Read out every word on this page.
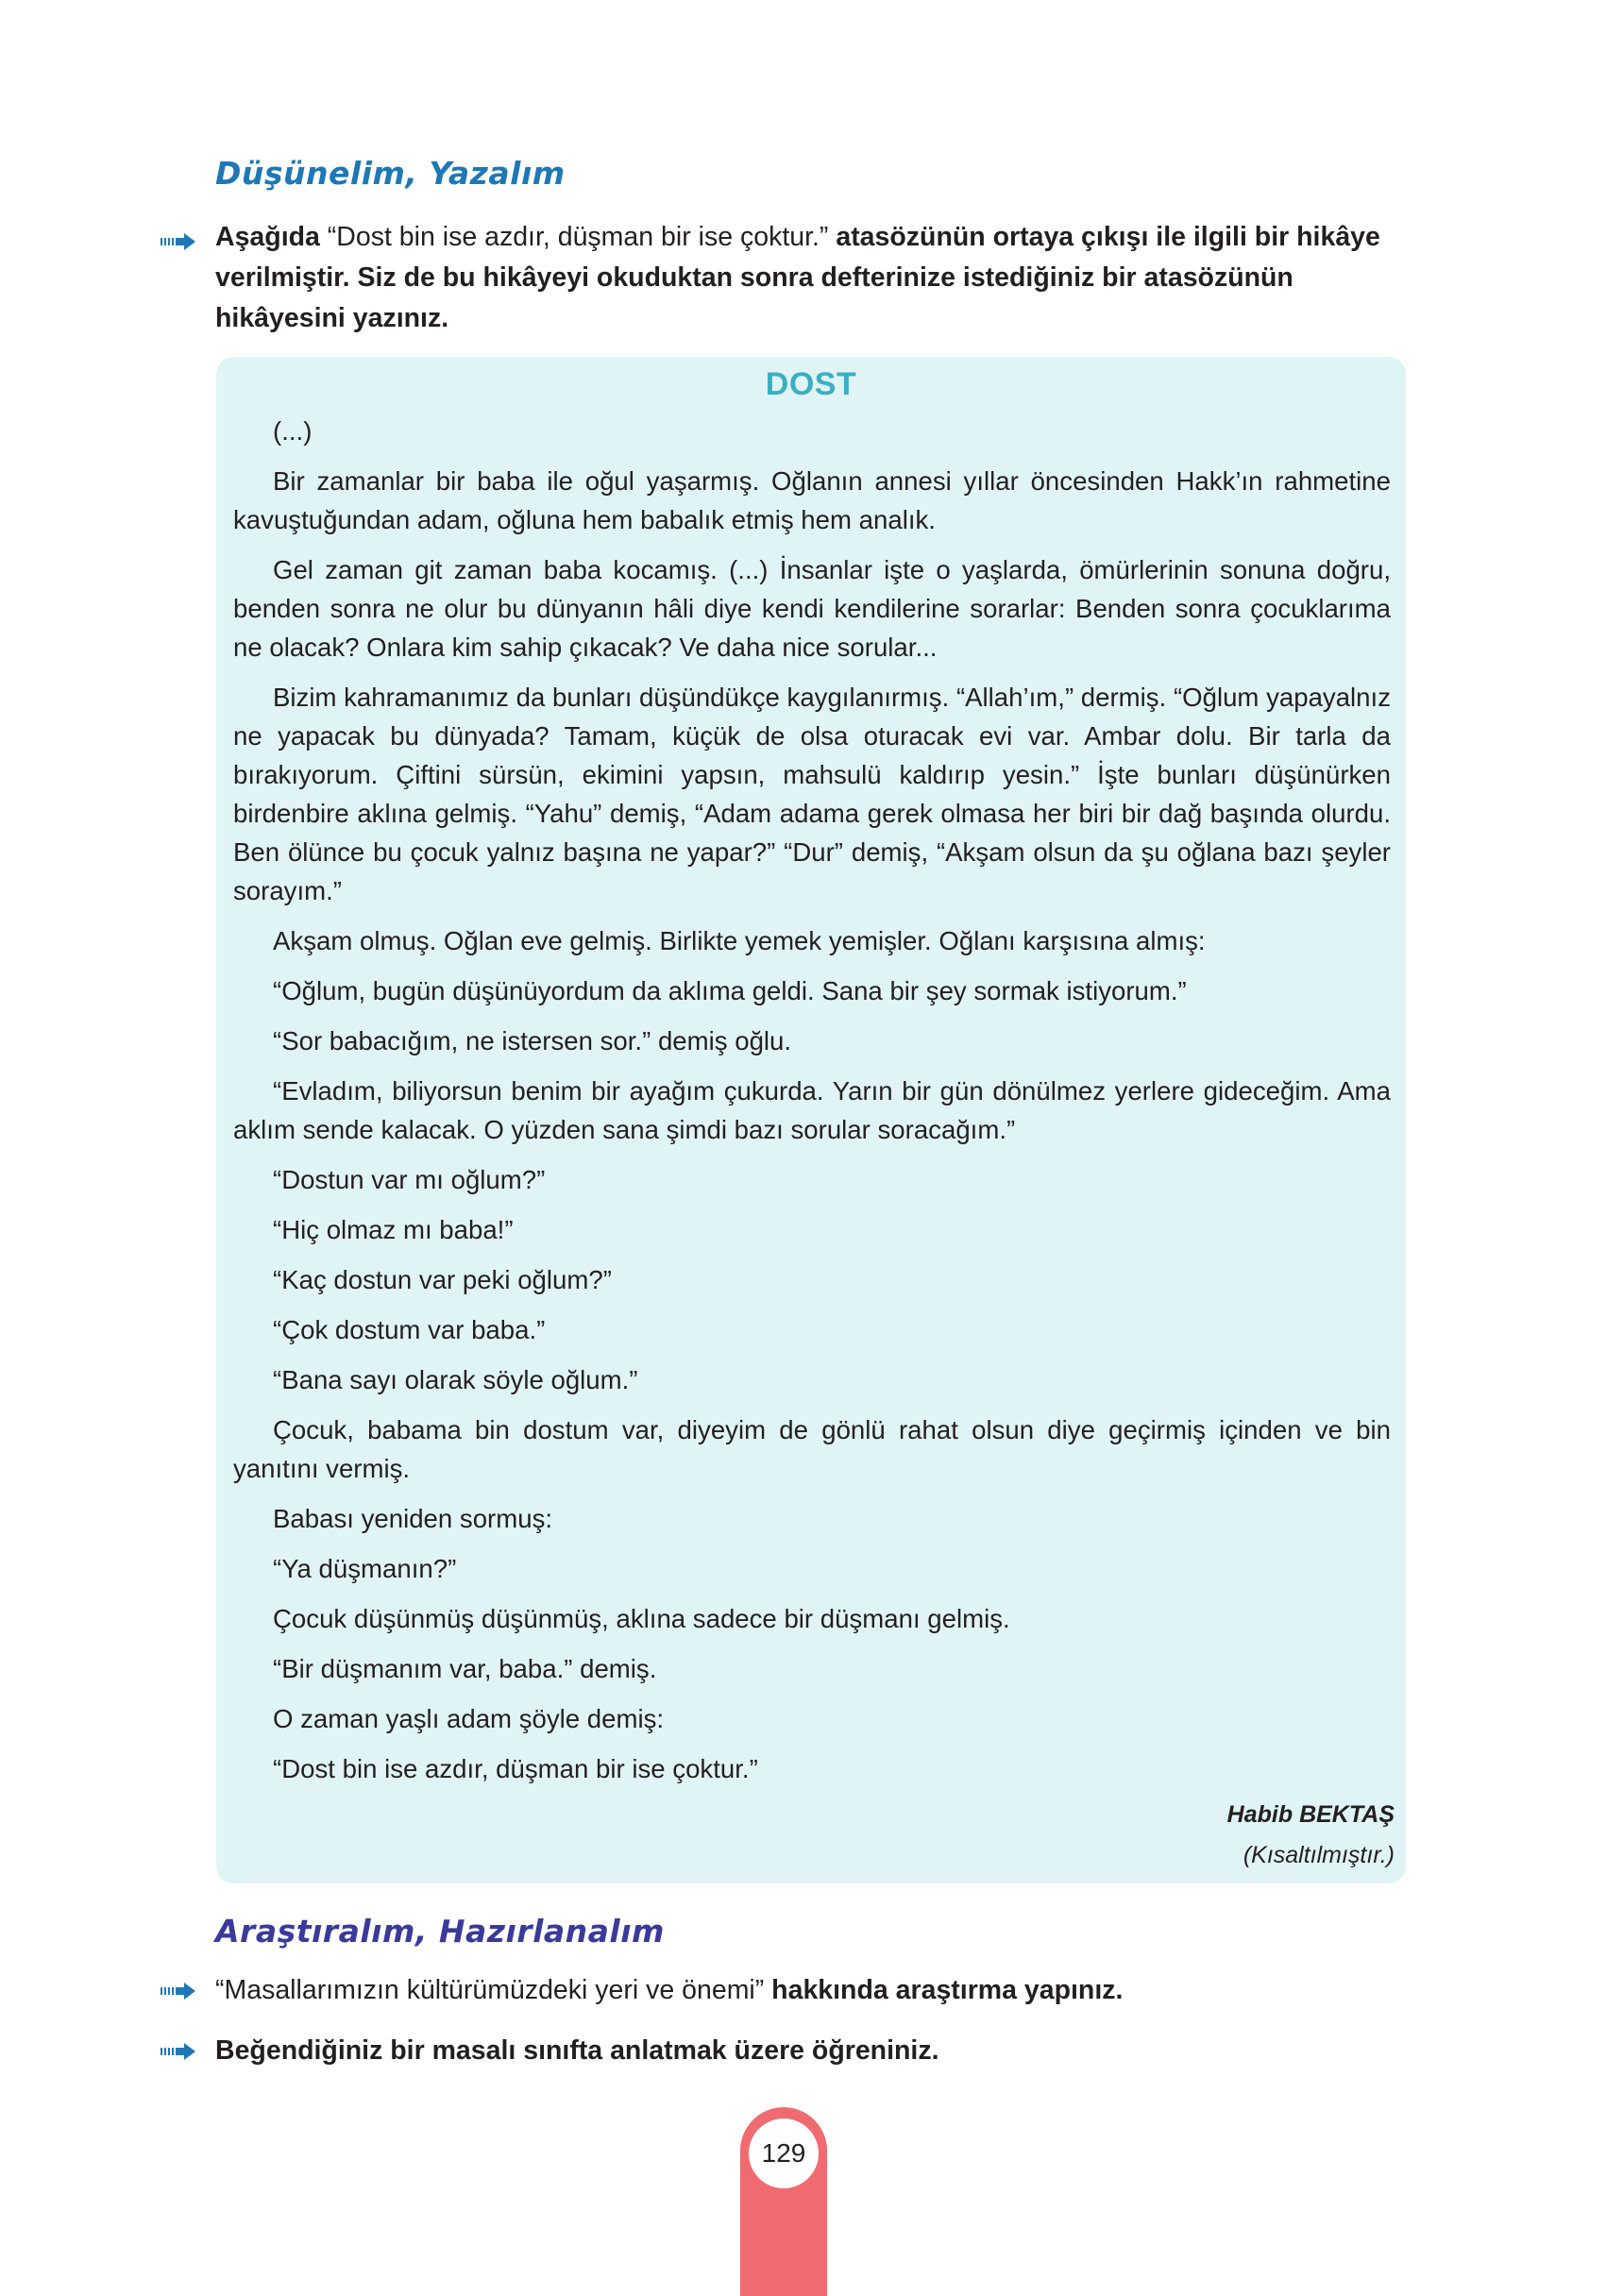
Düşünelim, Yazalım
Aşağıda “Dost bin ise azdır, düşman bir ise çoktur.” atasözünün ortaya çıkışı ile ilgili bir hikâye verilmiştir. Siz de bu hikâyeyi okuduktan sonra defterinize istediğiniz bir atasözünün hikâyesini yazınız.
DOST

(...)

Bir zamanlar bir baba ile oğul yaşarmış. Oğlanın annesi yıllar öncesinden Hakk’ın rahmetine kavuştuğundan adam, oğluna hem babalık etmiş hem analık.

Gel zaman git zaman baba kocamış. (...) İnsanlar işte o yaşlarda, ömürlerinin sonuna doğru, benden sonra ne olur bu dünyanın hâli diye kendi kendilerine sorarlar: Benden sonra çocuklarıma ne olacak? Onlara kim sahip çıkacak? Ve daha nice sorular...

Bizim kahramanımız da bunları düşündükçe kaygılanırmış. “Allah’ım,” dermiş. “Oğlum yapayalnız ne yapacak bu dünyada? Tamam, küçük de olsa oturacak evi var. Ambar dolu. Bir tarla da bırakıyorum. Çiftini sürsün, ekimini yapsın, mahsulü kaldırıp yesin.” İşte bunları düşünürken birdenbire aklına gelmiş. “Yahu” demiş, “Adam adama gerek olmasa her biri bir dağ başında olurdu. Ben ölünce bu çocuk yalnız başına ne yapar?” “Dur” demiş, “Akşam olsun da şu oğlana bazı şeyler sorayım.”

Akşam olmuş. Oğlan eve gelmiş. Birlikte yemek yemişler. Oğlanı karşısına almış:

“Oğlum, bugün düşünüyordum da aklıma geldi. Sana bir şey sormak istiyorum.”

“Sor babacığım, ne istersen sor.” demiş oğlu.

“Evladım, biliyorsun benim bir ayağım çukurda. Yarın bir gün dönülmez yerlere gideceğim. Ama aklım sende kalacak. O yüzden sana şimdi bazı sorular soracağım.”

“Dostun var mı oğlum?”

“Hiç olmaz mı baba!”

“Kaç dostun var peki oğlum?”

“Çok dostum var baba.”

“Bana sayı olarak söyle oğlum.”

Çocuk, babama bin dostum var, diyeyim de gönlü rahat olsun diye geçirmiş içinden ve bin yanıtını vermiş.

Babası yeniden sormuş:

“Ya düşmanın?”

Çocuk düşünmüş düşünmüş, aklına sadece bir düşmanı gelmiş.

“Bir düşmanım var, baba.” demiş.

O zaman yaşlı adam şöyle demiş:

“Dost bin ise azdır, düşman bir ise çoktur.”

Habib BEKTAŞ
(Kısaltılmıştır.)
Araştıralım, Hazırlanalım
“Masallarımızın kültürümüzdeki yeri ve önemi” hakkında araştırma yapınız.
Beğendiğiniz bir masalı sınıfta anlatmak üzere öğreniniz.
129
